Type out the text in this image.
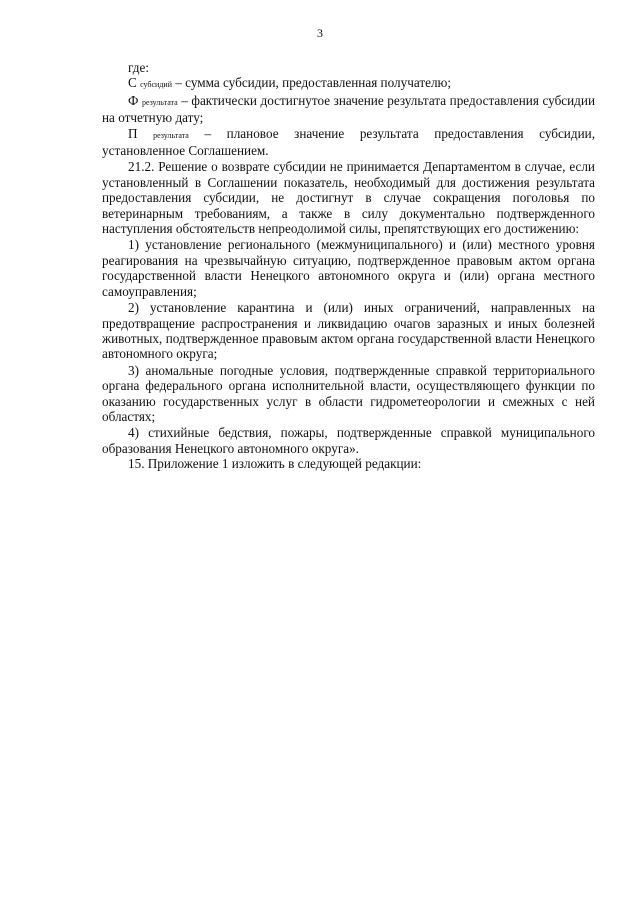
3

где:

С субсидий – сумма субсидии, предоставленная получателю;

Ф результата – фактически достигнутое значение результата предоставления субсидии на отчетную дату;

П результата – плановое значение результата предоставления субсидии, установленное Соглашением.

21.2. Решение о возврате субсидии не принимается Департаментом в случае, если установленный в Соглашении показатель, необходимый для достижения результата предоставления субсидии, не достигнут в случае сокращения поголовья по ветеринарным требованиям, а также в силу документально подтвержденного наступления обстоятельств непреодолимой силы, препятствующих его достижению:

1) установление регионального (межмуниципального) и (или) местного уровня реагирования на чрезвычайную ситуацию, подтвержденное правовым актом органа государственной власти Ненецкого автономного округа и (или) органа местного самоуправления;

2) установление карантина и (или) иных ограничений, направленных на предотвращение распространения и ликвидацию очагов заразных и иных болезней животных, подтвержденное правовым актом органа государственной власти Ненецкого автономного округа;

3) аномальные погодные условия, подтвержденные справкой территориального органа федерального органа исполнительной власти, осуществляющего функции по оказанию государственных услуг в области гидрометеорологии и смежных с ней областях;

4) стихийные бедствия, пожары, подтвержденные справкой муниципального образования Ненецкого автономного округа».

15. Приложение 1 изложить в следующей редакции:
